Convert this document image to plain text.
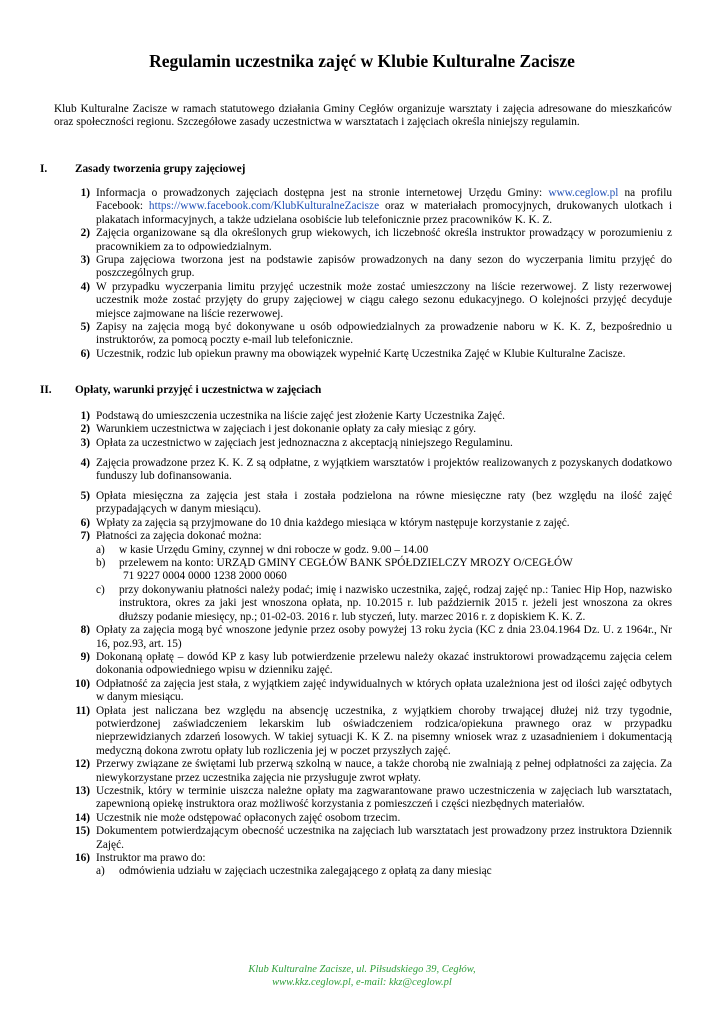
Regulamin uczestnika zajęć w Klubie Kulturalne Zacisze

Klub Kulturalne Zacisze w ramach statutowego działania Gminy Cegłów organizuje warsztaty i zajęcia adresowane do mieszkańców oraz społeczności regionu. Szczegółowe zasady uczestnictwa w warsztatach i zajęciach określa niniejszy regulamin.

I. Zasady tworzenia grupy zajęciowej
1) Informacja o prowadzonych zajęciach dostępna jest na stronie internetowej Urzędu Gminy: www.ceglow.pl na profilu Facebook: https://www.facebook.com/KlubKulturalneZacisze oraz w materiałach promocyjnych, drukowanych ulotkach i plakatach informacyjnych, a także udzielana osobiście lub telefonicznie przez pracowników K. K. Z.
2) Zajęcia organizowane są dla określonych grup wiekowych, ich liczebność określa instruktor prowadzący w porozumieniu z pracownikiem za to odpowiedzialnym.
3) Grupa zajęciowa tworzona jest na podstawie zapisów prowadzonych na dany sezon do wyczerpania limitu przyjęć do poszczególnych grup.
4) W przypadku wyczerpania limitu przyjęć uczestnik może zostać umieszczony na liście rezerwowej. Z listy rezerwowej uczestnik może zostać przyjęty do grupy zajęciowej w ciągu całego sezonu edukacyjnego. O kolejności przyjęć decyduje miejsce zajmowane na liście rezerwowej.
5) Zapisy na zajęcia mogą być dokonywane u osób odpowiedzialnych za prowadzenie naboru w K. K. Z, bezpośrednio u instruktorów, za pomocą poczty e-mail lub telefonicznie.
6) Uczestnik, rodzic lub opiekun prawny ma obowiązek wypełnić Kartę Uczestnika Zajęć w Klubie Kulturalne Zacisze.
II. Opłaty, warunki przyjęć i uczestnictwa w zajęciach
1) Podstawą do umieszczenia uczestnika na liście zajęć jest złożenie Karty Uczestnika Zajęć.
2) Warunkiem uczestnictwa w zajęciach i jest dokonanie opłaty za cały miesiąc z góry.
3) Opłata za uczestnictwo w zajęciach jest jednoznaczna z akceptacją niniejszego Regulaminu.
4) Zajęcia prowadzone przez K. K. Z są odpłatne, z wyjątkiem warsztatów i projektów realizowanych z pozyskanych dodatkowo funduszy lub dofinansowania.
5) Opłata miesięczna za zajęcia jest stała i została podzielona na równe miesięczne raty (bez względu na ilość zajęć przypadających w danym miesiącu).
6) Wpłaty za zajęcia są przyjmowane do 10 dnia każdego miesiąca w którym następuje korzystanie z zajęć.
7) Płatności za zajęcia dokonać można:
a) w kasie Urzędu Gminy, czynnej w dni robocze w godz. 9.00 – 14.00
b) przelewem na konto: URZĄD GMINY CEGŁÓW BANK SPÓŁDZIELCZY MROZY O/CEGŁÓW
71 9227 0004 0000 1238 2000 0060
c) przy dokonywaniu płatności należy podać; imię i nazwisko uczestnika, zajęć, rodzaj zajęć np.: Taniec Hip Hop, nazwisko instruktora, okres za jaki jest wnoszona opłata, np. 10.2015 r. lub październik 2015 r. jeżeli jest wnoszona za okres dłuższy podanie miesięcy, np.; 01-02-03. 2016 r. lub styczeń, luty. marzec 2016 r. z dopiskiem K. K. Z.
8) Opłaty za zajęcia mogą być wnoszone jedynie przez osoby powyżej 13 roku życia (KC z dnia 23.04.1964 Dz. U. z 1964r., Nr 16, poz.93, art. 15)
9) Dokonaną opłatę – dowód KP z kasy lub potwierdzenie przelewu należy okazać instruktorowi prowadzącemu zajęcia celem dokonania odpowiedniego wpisu w dzienniku zajęć.
10) Odpłatność za zajęcia jest stała, z wyjątkiem zajęć indywidualnych w których opłata uzależniona jest od ilości zajęć odbytych w danym miesiącu.
11) Opłata jest naliczana bez względu na absencję uczestnika, z wyjątkiem choroby trwającej dłużej niż trzy tygodnie, potwierdzonej zaświadczeniem lekarskim lub oświadczeniem rodzica/opiekuna prawnego oraz w przypadku nieprzewidzianych zdarzeń losowych. W takiej sytuacji K. K Z. na pisemny wniosek wraz z uzasadnieniem i dokumentacją medyczną dokona zwrotu opłaty lub rozliczenia jej w poczet przyszłych zajęć.
12) Przerwy związane ze świętami lub przerwą szkolną w nauce, a także chorobą nie zwalniają z pełnej odpłatności za zajęcia. Za niewykorzystane przez uczestnika zajęcia nie przysługuje zwrot wpłaty.
13) Uczestnik, który w terminie uiszcza należne opłaty ma zagwarantowane prawo uczestniczenia w zajęciach lub warsztatach, zapewnioną opiekę instruktora oraz możliwość korzystania z pomieszczeń i części niezbędnych materiałów.
14) Uczestnik nie może odstępować opłaconych zajęć osobom trzecim.
15) Dokumentem potwierdzającym obecność uczestnika na zajęciach lub warsztatach jest prowadzony przez instruktora Dziennik Zajęć.
16) Instruktor ma prawo do:
a) odmówienia udziału w zajęciach uczestnika zalegającego z opłatą za dany miesiąc
Klub Kulturalne Zacisze, ul. Piłsudskiego 39, Cegłów,
www.kkz.ceglow.pl, e-mail: kkz@ceglow.pl
